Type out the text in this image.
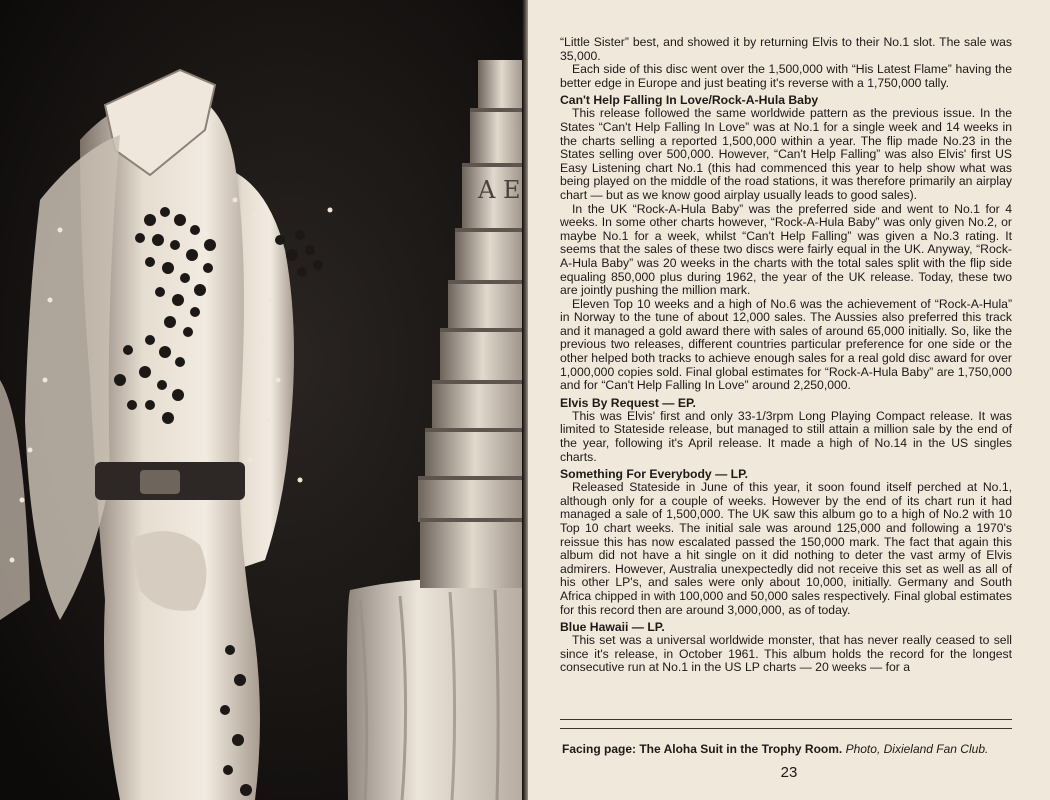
A E

“Little Sister” best, and showed it by returning Elvis to their No.1 slot. The sale was 35,000.

Each side of this disc went over the 1,500,000 with “His Latest Flame” having the better edge in Europe and just beating it's reverse with a 1,750,000 tally.

Can't Help Falling In Love/Rock-A-Hula Baby

This release followed the same worldwide pattern as the previous issue. In the States “Can't Help Falling In Love” was at No.1 for a single week and 14 weeks in the charts selling a reported 1,500,000 within a year. The flip made No.23 in the States selling over 500,000. However, “Can't Help Falling” was also Elvis' first US Easy Listening chart No.1 (this had commenced this year to help show what was being played on the middle of the road stations, it was therefore primarily an airplay chart — but as we know good airplay usually leads to good sales).

In the UK “Rock-A-Hula Baby” was the preferred side and went to No.1 for 4 weeks. In some other charts however, “Rock-A-Hula Baby” was only given No.2, or maybe No.1 for a week, whilst “Can't Help Falling” was given a No.3 rating. It seems that the sales of these two discs were fairly equal in the UK. Anyway, “Rock-A-Hula Baby” was 20 weeks in the charts with the total sales split with the flip side equaling 850,000 plus during 1962, the year of the UK release. Today, these two are jointly pushing the million mark.

Eleven Top 10 weeks and a high of No.6 was the achievement of “Rock-A-Hula” in Norway to the tune of about 12,000 sales. The Aussies also preferred this track and it managed a gold award there with sales of around 65,000 initially. So, like the previous two releases, different countries particular preference for one side or the other helped both tracks to achieve enough sales for a real gold disc award for over 1,000,000 copies sold. Final global estimates for “Rock-A-Hula Baby” are 1,750,000 and for “Can't Help Falling In Love” around 2,250,000.

Elvis By Request — EP.

This was Elvis' first and only 33-1/3rpm Long Playing Compact release. It was limited to Stateside release, but managed to still attain a million sale by the end of the year, following it's April release. It made a high of No.14 in the US singles charts.

Something For Everybody — LP.

Released Stateside in June of this year, it soon found itself perched at No.1, although only for a couple of weeks. However by the end of its chart run it had managed a sale of 1,500,000. The UK saw this album go to a high of No.2 with 10 Top 10 chart weeks. The initial sale was around 125,000 and following a 1970's reissue this has now escalated passed the 150,000 mark. The fact that again this album did not have a hit single on it did nothing to deter the vast army of Elvis admirers. However, Australia unexpectedly did not receive this set as well as all of his other LP's, and sales were only about 10,000, initially. Germany and South Africa chipped in with 100,000 and 50,000 sales respectively. Final global estimates for this record then are around 3,000,000, as of today.

Blue Hawaii — LP.

This set was a universal worldwide monster, that has never really ceased to sell since it's release, in October 1961. This album holds the record for the longest consecutive run at No.1 in the US LP charts — 20 weeks — for a

Facing page: The Aloha Suit in the Trophy Room. Photo, Dixieland Fan Club.
23
